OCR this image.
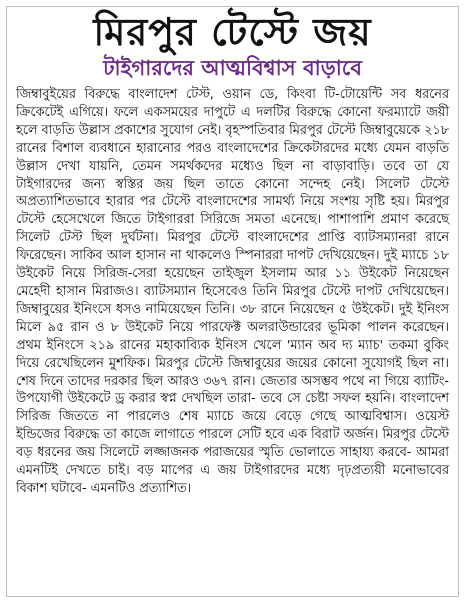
মিরপুর টেস্টে জয়
টাইগারদের আত্মবিশ্বাস বাড়াবে

জিম্বাবুইয়ের বিরুদ্ধে বাংলাদেশ টেস্ট, ওয়ান ডে, কিংবা টি-টোয়েন্টি সব ধরনের ক্রিকেটেই এগিয়ে। ফলে একসময়ের দাপুটে এ দলটির বিরুদ্ধে কোনো ফরম্যাটে জয়ী হলে বাড়তি উল্লাস প্রকাশের সুযোগ নেই। বৃহস্পতিবার মিরপুর টেস্টে জিম্বাবুয়েকে ২১৮ রানের বিশাল ব্যবধানে হারানোর পরও বাংলাদেশের ক্রিকেটারদের মধ্যে যেমন বাড়তি উল্লাস দেখা যায়নি, তেমন সমর্থকদের মধ্যেও ছিল না বাড়াবাড়ি। তবে তা যে টাইগারদের জন্য স্বস্তির জয় ছিল তাতে কোনো সন্দেহ নেই। সিলেট টেস্টে অপ্রত্যাশিতভাবে হারার পর টেস্টে বাংলাদেশের সামর্থ্য নিয়ে সংশয় সৃষ্টি হয়। মিরপুর টেস্টে হেসেখেলে জিতে টাইগাররা সিরিজে সমতা এনেছে। পাশাপাশি প্রমাণ করেছে সিলেট টেস্ট ছিল দুর্ঘটনা। মিরপুর টেস্টে বাংলাদেশের প্রাপ্তি ব্যাটসম্যানরা রানে ফিরেছেন। সাকিব আল হাসান না থাকলেও স্পিনাররা দাপট দেখিয়েছেন। দুই ম্যাচে ১৮ উইকেট নিয়ে সিরিজ-সেরা হয়েছেন তাইজুল ইসলাম আর ১১ উইকেট নিয়েছেন মেহেদী হাসান মিরাজও। ব্যাটসম্যান হিসেবেও তিনি মিরপুর টেস্টে দাপট দেখিয়েছেন। জিম্বাবুয়ের ইনিংসে ধসও নামিয়েছেন তিনি। ৩৮ রানে নিয়েছেন ৫ উইকেট। দুই ইনিংস মিলে ৯৫ রান ও ৮ উইকেট নিয়ে পারফেক্ট অলরাউন্ডারের ভূমিকা পালন করেছেন। প্রথম ইনিংসে ২১৯ রানের মহাকাব্যিক ইনিংস খেলে 'ম্যান অব দ্য ম্যাচ' তকমা বুকিং দিয়ে রেখেছিলেন মুশফিক। মিরপুর টেস্টে জিম্বাবুয়ের জয়ের কোনো সুযোগই ছিল না। শেষ দিনে তাদের দরকার ছিল আরও ৩৬৭ রান। জেতার অসম্ভব পথে না গিয়ে ব্যাটিং-উপযোগী উইকেটে ড্র করার স্বপ্ন দেখছিল তারা- তবে সে চেষ্টা সফল হয়নি। বাংলাদেশ সিরিজ জিততে না পারলেও শেষ ম্যাচে জয়ে বেড়ে গেছে আত্মবিশ্বাস। ওয়েস্ট ইন্ডিজের বিরুদ্ধে তা কাজে লাগাতে পারলে সেটি হবে এক বিরাট অর্জন। মিরপুর টেস্টে বড় ধরনের জয় সিলেটে লজ্জাজনক পরাজয়ের স্মৃতি ভোলাতে সাহায্য করবে- আমরা এমনটিই দেখতে চাই। বড় মাপের এ জয় টাইগারদের মধ্যে দৃঢ়প্রত্যয়ী মনোভাবের বিকাশ ঘটাবে- এমনটিও প্রত্যাশিত।
